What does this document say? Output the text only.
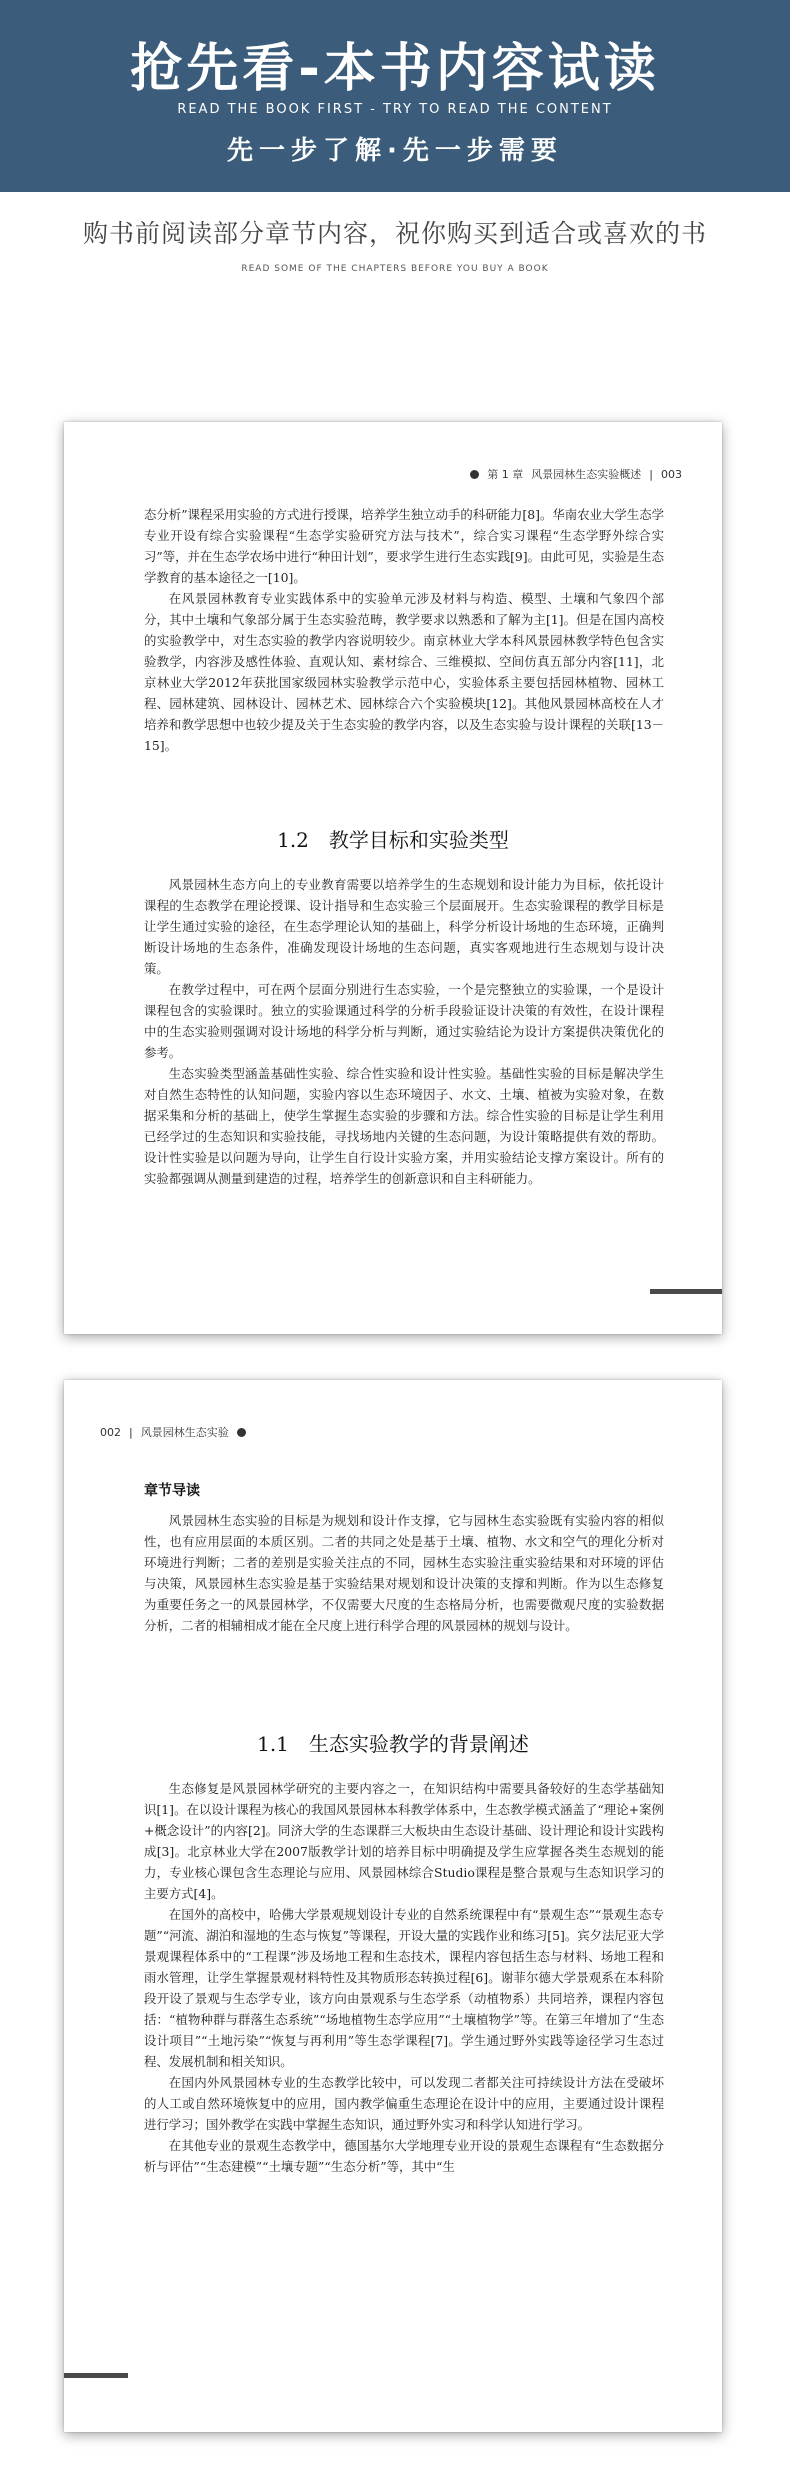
抢先看-本书内容试读
READ THE BOOK FIRST - TRY TO READ THE CONTENT
先一步了解·先一步需要
购书前阅读部分章节内容，祝你购买到适合或喜欢的书
READ SOME OF THE CHAPTERS BEFORE YOU BUY A BOOK
第 1 章 风景园林生态实验概述 | 003

态分析”课程采用实验的方式进行授课，培养学生独立动手的科研能力[8]。华南农业大学生态学专业开设有综合实验课程“生态学实验研究方法与技术”，综合实习课程“生态学野外综合实习”等，并在生态学农场中进行“种田计划”，要求学生进行生态实践[9]。由此可见，实验是生态学教育的基本途径之一[10]。

在风景园林教育专业实践体系中的实验单元涉及材料与构造、模型、土壤和气象四个部分，其中土壤和气象部分属于生态实验范畴，教学要求以熟悉和了解为主[1]。但是在国内高校的实验教学中，对生态实验的教学内容说明较少。南京林业大学本科风景园林教学特色包含实验教学，内容涉及感性体验、直观认知、素材综合、三维模拟、空间仿真五部分内容[11]，北京林业大学2012年获批国家级园林实验教学示范中心，实验体系主要包括园林植物、园林工程、园林建筑、园林设计、园林艺术、园林综合六个实验模块[12]。其他风景园林高校在人才培养和教学思想中也较少提及关于生态实验的教学内容，以及生态实验与设计课程的关联[13－15]。

1.2　教学目标和实验类型

风景园林生态方向上的专业教育需要以培养学生的生态规划和设计能力为目标，依托设计课程的生态教学在理论授课、设计指导和生态实验三个层面展开。生态实验课程的教学目标是让学生通过实验的途径，在生态学理论认知的基础上，科学分析设计场地的生态环境，正确判断设计场地的生态条件，准确发现设计场地的生态问题，真实客观地进行生态规划与设计决策。

在教学过程中，可在两个层面分别进行生态实验，一个是完整独立的实验课，一个是设计课程包含的实验课时。独立的实验课通过科学的分析手段验证设计决策的有效性，在设计课程中的生态实验则强调对设计场地的科学分析与判断，通过实验结论为设计方案提供决策优化的参考。

生态实验类型涵盖基础性实验、综合性实验和设计性实验。基础性实验的目标是解决学生对自然生态特性的认知问题，实验内容以生态环境因子、水文、土壤、植被为实验对象，在数据采集和分析的基础上，使学生掌握生态实验的步骤和方法。综合性实验的目标是让学生利用已经学过的生态知识和实验技能，寻找场地内关键的生态问题，为设计策略提供有效的帮助。设计性实验是以问题为导向，让学生自行设计实验方案，并用实验结论支撑方案设计。所有的实验都强调从测量到建造的过程，培养学生的创新意识和自主科研能力。

002 | 风景园林生态实验
章节导读

风景园林生态实验的目标是为规划和设计作支撑，它与园林生态实验既有实验内容的相似性，也有应用层面的本质区别。二者的共同之处是基于土壤、植物、水文和空气的理化分析对环境进行判断；二者的差别是实验关注点的不同，园林生态实验注重实验结果和对环境的评估与决策，风景园林生态实验是基于实验结果对规划和设计决策的支撑和判断。作为以生态修复为重要任务之一的风景园林学，不仅需要大尺度的生态格局分析，也需要微观尺度的实验数据分析，二者的相辅相成才能在全尺度上进行科学合理的风景园林的规划与设计。

1.1　生态实验教学的背景阐述

生态修复是风景园林学研究的主要内容之一，在知识结构中需要具备较好的生态学基础知识[1]。在以设计课程为核心的我国风景园林本科教学体系中，生态教学模式涵盖了“理论+案例+概念设计”的内容[2]。同济大学的生态课群三大板块由生态设计基础、设计理论和设计实践构成[3]。北京林业大学在2007版教学计划的培养目标中明确提及学生应掌握各类生态规划的能力，专业核心课包含生态理论与应用、风景园林综合Studio课程是整合景观与生态知识学习的主要方式[4]。

在国外的高校中，哈佛大学景观规划设计专业的自然系统课程中有“景观生态”“景观生态专题”“河流、湖泊和湿地的生态与恢复”等课程，开设大量的实践作业和练习[5]。宾夕法尼亚大学景观课程体系中的“工程课”涉及场地工程和生态技术，课程内容包括生态与材料、场地工程和雨水管理，让学生掌握景观材料特性及其物质形态转换过程[6]。谢菲尔德大学景观系在本科阶段开设了景观与生态学专业，该方向由景观系与生态学系（动植物系）共同培养，课程内容包括：“植物种群与群落生态系统”“场地植物生态学应用”“土壤植物学”等。在第三年增加了“生态设计项目”“土地污染”“恢复与再利用”等生态学课程[7]。学生通过野外实践等途径学习生态过程、发展机制和相关知识。

在国内外风景园林专业的生态教学比较中，可以发现二者都关注可持续设计方法在受破坏的人工或自然环境恢复中的应用，国内教学偏重生态理论在设计中的应用，主要通过设计课程进行学习；国外教学在实践中掌握生态知识，通过野外实习和科学认知进行学习。

在其他专业的景观生态教学中，德国基尔大学地理专业开设的景观生态课程有“生态数据分析与评估”“生态建模”“土壤专题”“生态分析”等，其中“生
